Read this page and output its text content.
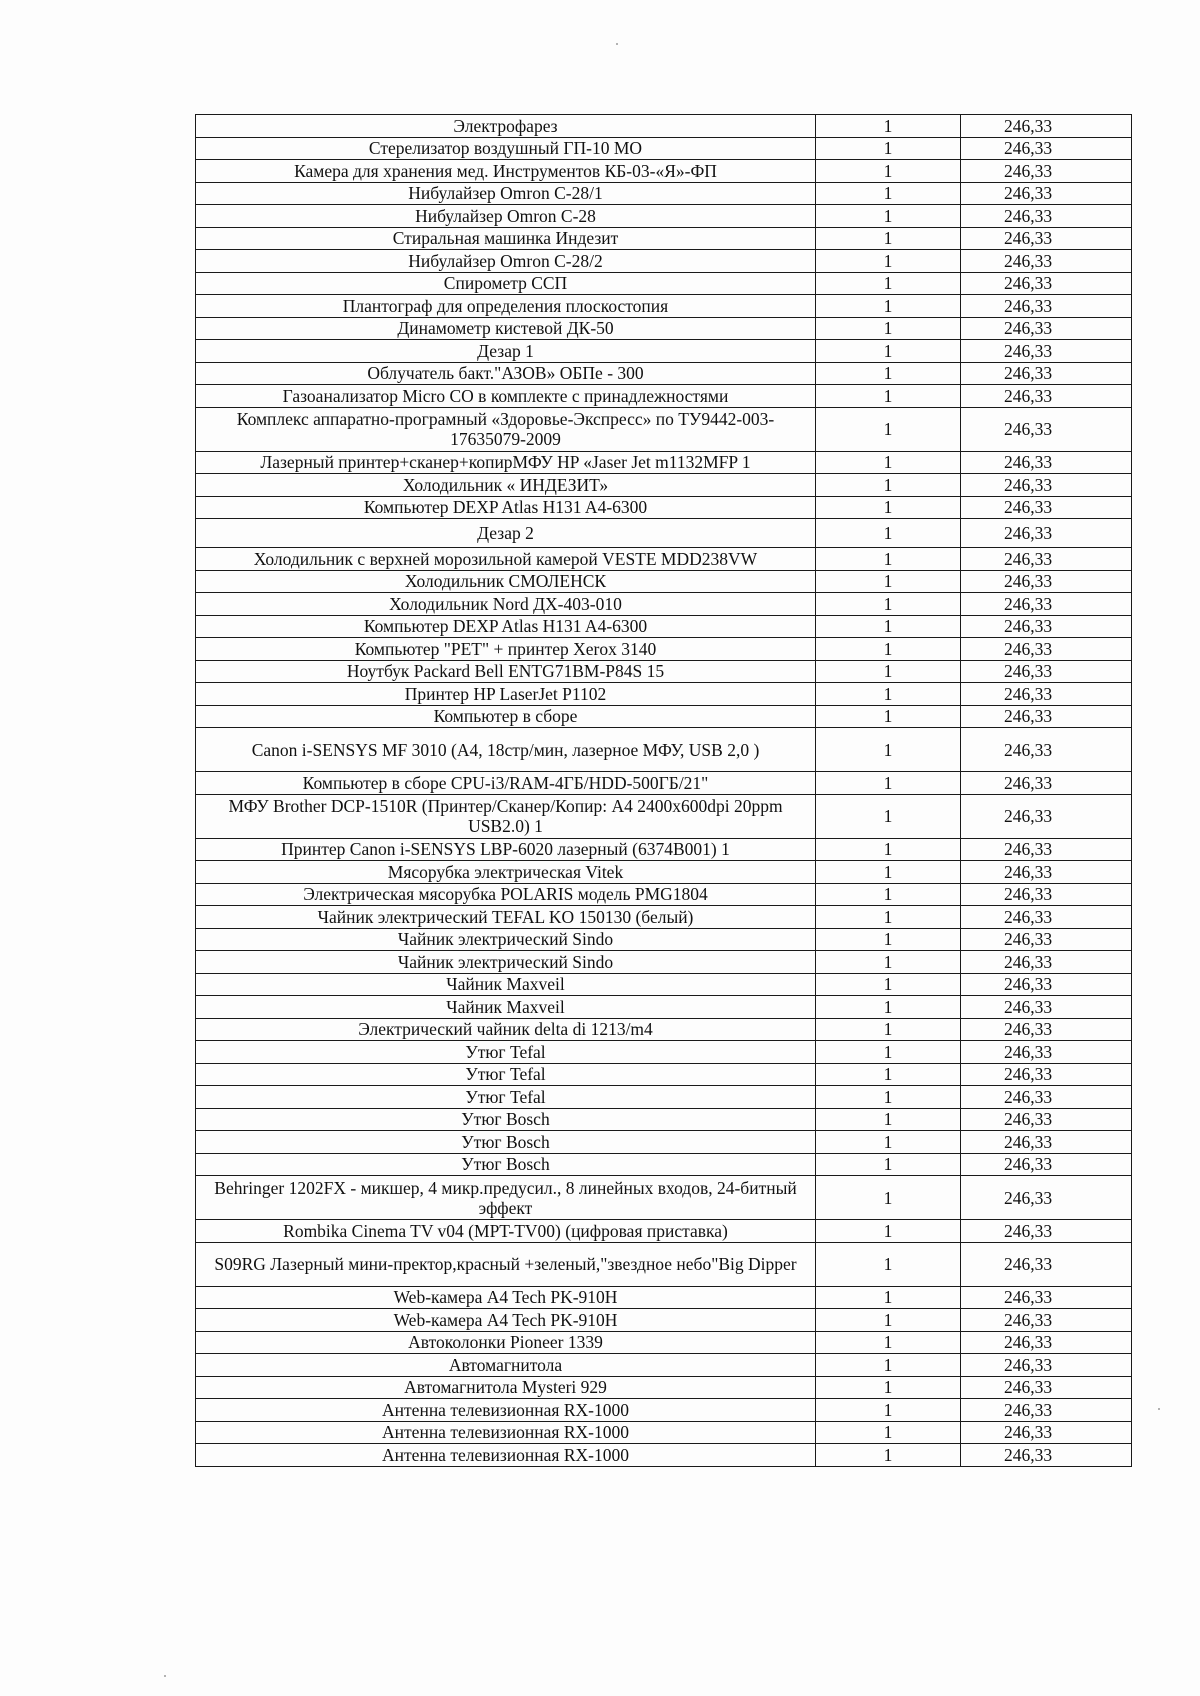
Электрофарез	1	246,33
Стерелизатор воздушный ГП-10 МО	1	246,33
Камера для хранения мед. Инструментов КБ-03-«Я»-ФП	1	246,33
Нибулайзер Omron C-28/1	1	246,33
Нибулайзер Omron C-28	1	246,33
Стиральная машинка Индезит	1	246,33
Нибулайзер Omron C-28/2	1	246,33
Спирометр ССП	1	246,33
Плантограф для определения плоскостопия	1	246,33
Динамометр кистевой ДК-50	1	246,33
Дезар 1	1	246,33
Облучатель бакт."АЗОВ» ОБПе - 300	1	246,33
Газоанализатор Micro CO в комплекте с принадлежностями	1	246,33
Комплекс аппаратно-програмный «Здоровье-Экспресс» по ТУ9442-003-17635079-2009	1	246,33
Лазерный принтер+сканер+копирМФУ HP «Jaser Jet m1132MFP 1	1	246,33
Холодильник « ИНДЕЗИТ»	1	246,33
Компьютер DEXP Atlas H131 A4-6300	1	246,33
Дезар 2	1	246,33
Холодильник с верхней морозильной камерой VESTE MDD238VW	1	246,33
Холодильник СМОЛЕНСК	1	246,33
Холодильник Nord ДХ-403-010	1	246,33
Компьютер DEXP Atlas H131 A4-6300	1	246,33
Компьютер "PET" + принтер Xerox 3140	1	246,33
Ноутбук Packard Bell ENTG71BM-P84S 15	1	246,33
Принтер HP LaserJet P1102	1	246,33
Компьютер в сборе	1	246,33
Canon i-SENSYS MF 3010 (A4, 18стр/мин, лазерное МФУ, USB 2,0 )	1	246,33
Компьютер в сборе CPU-i3/RAM-4ГБ/HDD-500ГБ/21"	1	246,33
МФУ Brother DCP-1510R (Принтер/Сканер/Копир: А4 2400x600dpi 20ppm USB2.0) 1	1	246,33
Принтер Canon i-SENSYS LBP-6020 лазерный (6374B001) 1	1	246,33
Мясорубка электрическая Vitek	1	246,33
Электрическая мясорубка POLARIS модель PMG1804	1	246,33
Чайник электрический TEFAL KO 150130 (белый)	1	246,33
Чайник электрический Sindo	1	246,33
Чайник электрический Sindo	1	246,33
Чайник Maxveil	1	246,33
Чайник Maxveil	1	246,33
Электрический чайник delta di 1213/m4	1	246,33
Утюг Tefal	1	246,33
Утюг Tefal	1	246,33
Утюг Tefal	1	246,33
Утюг Bosch	1	246,33
Утюг Bosch	1	246,33
Утюг Bosch	1	246,33
Behringer 1202FX - микшер, 4 микр.предусил., 8 линейных входов, 24-битный эффект	1	246,33
Rombika Cinema TV v04 (MPT-TV00) (цифровая приставка)	1	246,33
S09RG Лазерный мини-пректор,красный +зеленый,"звездное небо"Big Dipper	1	246,33
Web-камера A4 Tech PK-910H	1	246,33
Web-камера A4 Tech PK-910H	1	246,33
Автоколонки Pioneer 1339	1	246,33
Автомагнитола	1	246,33
Автомагнитола Mysteri 929	1	246,33
Антенна телевизионная RX-1000	1	246,33
Антенна телевизионная RX-1000	1	246,33
Антенна телевизионная RX-1000	1	246,33
